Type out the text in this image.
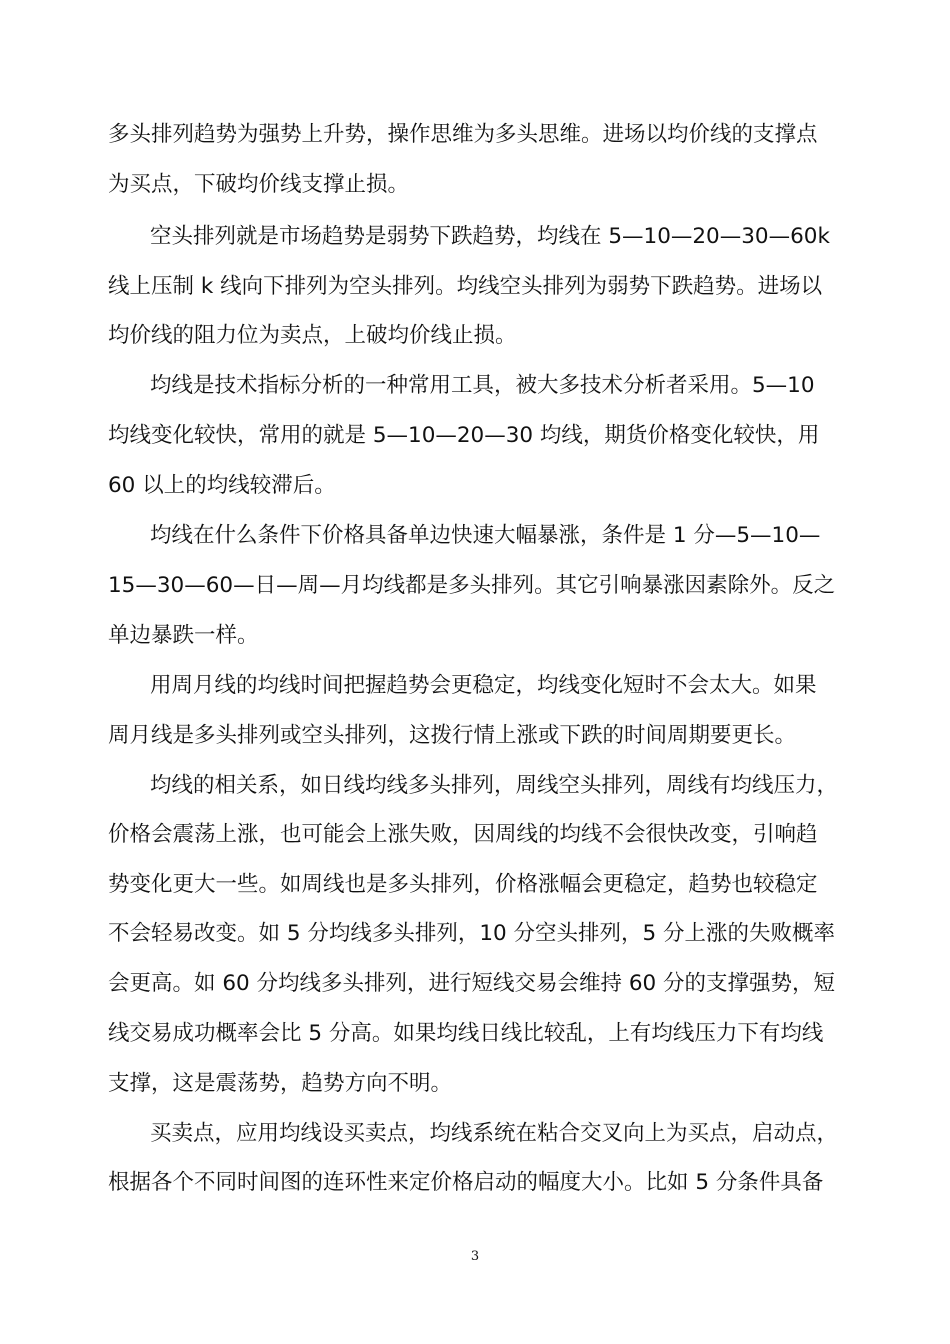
多头排列趋势为强势上升势，操作思维为多头思维。进场以均价线的支撑点
为买点，下破均价线支撑止损。
空头排列就是市场趋势是弱势下跌趋势，均线在 5—10—20—30—60k
线上压制 k 线向下排列为空头排列。均线空头排列为弱势下跌趋势。进场以
均价线的阻力位为卖点，上破均价线止损。
均线是技术指标分析的一种常用工具，被大多技术分析者采用。5—10
均线变化较快，常用的就是 5—10—20—30 均线，期货价格变化较快，用
60 以上的均线较滞后。
均线在什么条件下价格具备单边快速大幅暴涨，条件是 1 分—5—10—
15—30—60—日—周—月均线都是多头排列。其它引响暴涨因素除外。反之
单边暴跌一样。
用周月线的均线时间把握趋势会更稳定，均线变化短时不会太大。如果
周月线是多头排列或空头排列，这拨行情上涨或下跌的时间周期要更长。
均线的相关系，如日线均线多头排列，周线空头排列，周线有均线压力，
价格会震荡上涨，也可能会上涨失败，因周线的均线不会很快改变，引响趋
势变化更大一些。如周线也是多头排列，价格涨幅会更稳定，趋势也较稳定
不会轻易改变。如 5 分均线多头排列，10 分空头排列，5 分上涨的失败概率
会更高。如 60 分均线多头排列，进行短线交易会维持 60 分的支撑强势，短
线交易成功概率会比 5 分高。如果均线日线比较乱，上有均线压力下有均线
支撑，这是震荡势，趋势方向不明。
买卖点，应用均线设买卖点，均线系统在粘合交叉向上为买点，启动点，
根据各个不同时间图的连环性来定价格启动的幅度大小。比如 5 分条件具备
3
